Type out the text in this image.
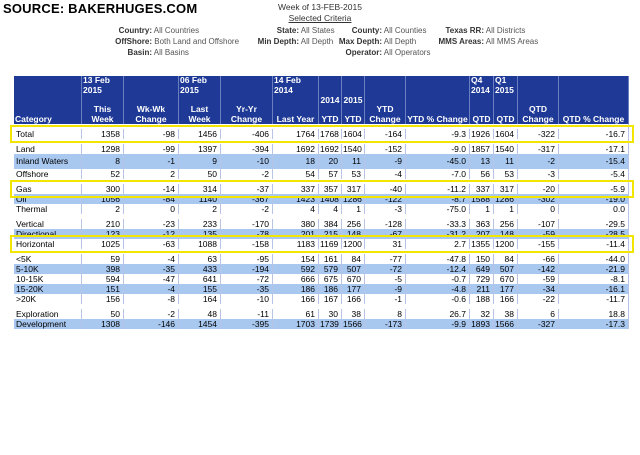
SOURCE: BAKERHUGES.COM	Week of 13-FEB-2015
Selected Criteria
Country: All Countries	State: All States	County: All Counties	Texas RR: All Districts
OffShore: Both Land and Offshore	Min Depth: All Depth Max Depth: All Depth	MMS Areas: All MMS Areas
Basin: All Basins	Operator: All Operators
	13 Feb 2015		06 Feb 2015		14 Feb 2014					Q4 2014	Q1 2015		
						2014	2015						
Category	This Week	Wk-Wk Change	Last Week	Yr-Yr Change	Last Year	YTD	YTD	YTD Change	YTD % Change	QTD	QTD	QTD Change	QTD % Change

Total	1358	-98	1456	-406	1764	1768	1604	-164	-9.3	1926	1604	-322	-16.7

Land	1298	-99	1397	-394	1692	1692	1540	-152	-9.0	1857	1540	-317	-17.1
Inland Waters	8	-1	9	-10	18	20	11	-9	-45.0	13	11	-2	-15.4
Offshore	52	2	50	-2	54	57	53	-4	-7.0	56	53	-3	-5.4

Gas	300	-14	314	-37	337	357	317	-40	-11.2	337	317	-20	-5.9
Oil	1056	-84	1140	-367	1423	1408	1286	-122	-8.7	1588	1286	-302	-19.0
Thermal	2	0	2	-2	4	4	1	-3	-75.0	1	1	0	0.0

Vertical	210	-23	233	-170	380	384	256	-128	-33.3	363	256	-107	-29.5
Directional	123	-12	135	-78	201	215	148	-67	-31.2	207	148	-59	-28.5
Horizontal	1025	-63	1088	-158	1183	1169	1200	31	2.7	1355	1200	-155	-11.4

<5K	59	-4	63	-95	154	161	84	-77	-47.8	150	84	-66	-44.0
5-10K	398	-35	433	-194	592	579	507	-72	-12.4	649	507	-142	-21.9
10-15K	594	-47	641	-72	666	675	670	-5	-0.7	729	670	-59	-8.1
15-20K	151	-4	155	-35	186	186	177	-9	-4.8	211	177	-34	-16.1
>20K	156	-8	164	-10	166	167	166	-1	-0.6	188	166	-22	-11.7

Exploration	50	-2	48	-11	61	30	38	8	26.7	32	38	6	18.8
Development	1308	-146	1454	-395	1703	1739	1566	-173	-9.9	1893	1566	-327	-17.3
